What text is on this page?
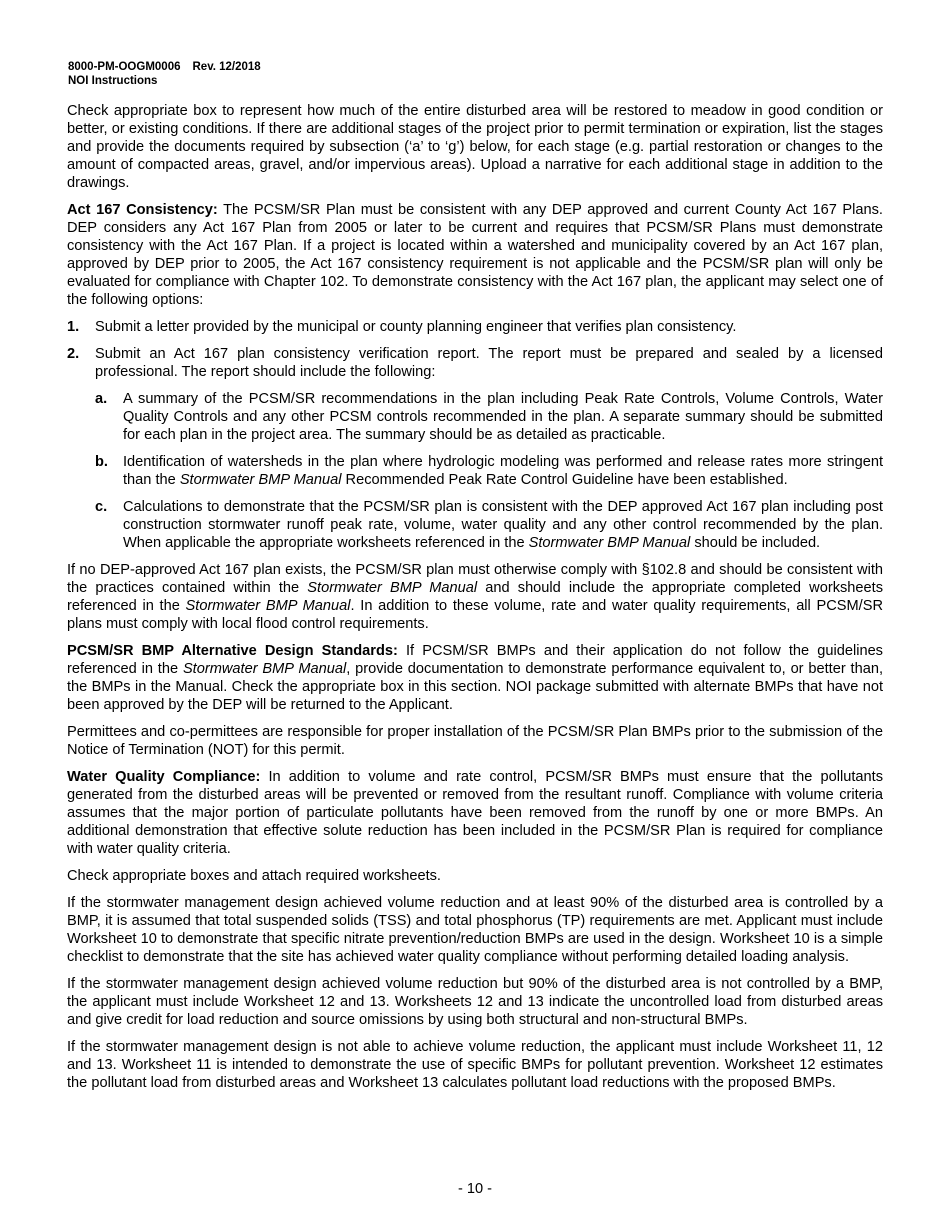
8000-PM-OOGM0006 Rev. 12/2018
NOI Instructions

Check appropriate box to represent how much of the entire disturbed area will be restored to meadow in good condition or better, or existing conditions. If there are additional stages of the project prior to permit termination or expiration, list the stages and provide the documents required by subsection (‘a’ to ‘g’) below, for each stage (e.g. partial restoration or changes to the amount of compacted areas, gravel, and/or impervious areas). Upload a narrative for each additional stage in addition to the drawings.

Act 167 Consistency: The PCSM/SR Plan must be consistent with any DEP approved and current County Act 167 Plans. DEP considers any Act 167 Plan from 2005 or later to be current and requires that PCSM/SR Plans must demonstrate consistency with the Act 167 Plan. If a project is located within a watershed and municipality covered by an Act 167 plan, approved by DEP prior to 2005, the Act 167 consistency requirement is not applicable and the PCSM/SR plan will only be evaluated for compliance with Chapter 102. To demonstrate consistency with the Act 167 plan, the applicant may select one of the following options:

1.	Submit a letter provided by the municipal or county planning engineer that verifies plan consistency.
2.	Submit an Act 167 plan consistency verification report. The report must be prepared and sealed by a licensed professional. The report should include the following:
a.	A summary of the PCSM/SR recommendations in the plan including Peak Rate Controls, Volume Controls, Water Quality Controls and any other PCSM controls recommended in the plan. A separate summary should be submitted for each plan in the project area. The summary should be as detailed as practicable.
b.	Identification of watersheds in the plan where hydrologic modeling was performed and release rates more stringent than the Stormwater BMP Manual Recommended Peak Rate Control Guideline have been established.
c.	Calculations to demonstrate that the PCSM/SR plan is consistent with the DEP approved Act 167 plan including post construction stormwater runoff peak rate, volume, water quality and any other control recommended by the plan. When applicable the appropriate worksheets referenced in the Stormwater BMP Manual should be included.

If no DEP-approved Act 167 plan exists, the PCSM/SR plan must otherwise comply with §102.8 and should be consistent with the practices contained within the Stormwater BMP Manual and should include the appropriate completed worksheets referenced in the Stormwater BMP Manual. In addition to these volume, rate and water quality requirements, all PCSM/SR plans must comply with local flood control requirements.

PCSM/SR BMP Alternative Design Standards: If PCSM/SR BMPs and their application do not follow the guidelines referenced in the Stormwater BMP Manual, provide documentation to demonstrate performance equivalent to, or better than, the BMPs in the Manual. Check the appropriate box in this section. NOI package submitted with alternate BMPs that have not been approved by the DEP will be returned to the Applicant.

Permittees and co-permittees are responsible for proper installation of the PCSM/SR Plan BMPs prior to the submission of the Notice of Termination (NOT) for this permit.

Water Quality Compliance: In addition to volume and rate control, PCSM/SR BMPs must ensure that the pollutants generated from the disturbed areas will be prevented or removed from the resultant runoff. Compliance with volume criteria assumes that the major portion of particulate pollutants have been removed from the runoff by one or more BMPs. An additional demonstration that effective solute reduction has been included in the PCSM/SR Plan is required for compliance with water quality criteria.

Check appropriate boxes and attach required worksheets.

If the stormwater management design achieved volume reduction and at least 90% of the disturbed area is controlled by a BMP, it is assumed that total suspended solids (TSS) and total phosphorus (TP) requirements are met. Applicant must include Worksheet 10 to demonstrate that specific nitrate prevention/reduction BMPs are used in the design. Worksheet 10 is a simple checklist to demonstrate that the site has achieved water quality compliance without performing detailed loading analysis.

If the stormwater management design achieved volume reduction but 90% of the disturbed area is not controlled by a BMP, the applicant must include Worksheet 12 and 13. Worksheets 12 and 13 indicate the uncontrolled load from disturbed areas and give credit for load reduction and source omissions by using both structural and non-structural BMPs.

If the stormwater management design is not able to achieve volume reduction, the applicant must include Worksheet 11, 12 and 13. Worksheet 11 is intended to demonstrate the use of specific BMPs for pollutant prevention. Worksheet 12 estimates the pollutant load from disturbed areas and Worksheet 13 calculates pollutant load reductions with the proposed BMPs.

- 10 -
